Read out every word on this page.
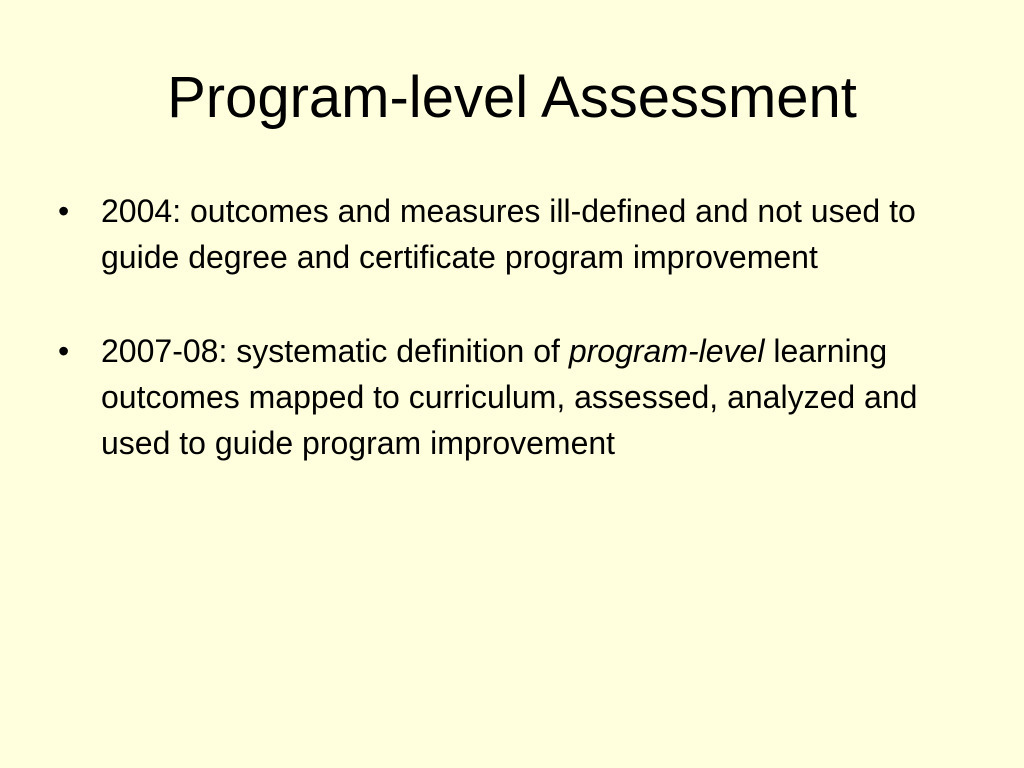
Program-level Assessment
• 2004: outcomes and measures ill-defined and not used to guide degree and certificate program improvement
• 2007-08: systematic definition of program-level learning outcomes mapped to curriculum, assessed, analyzed and used to guide program improvement
